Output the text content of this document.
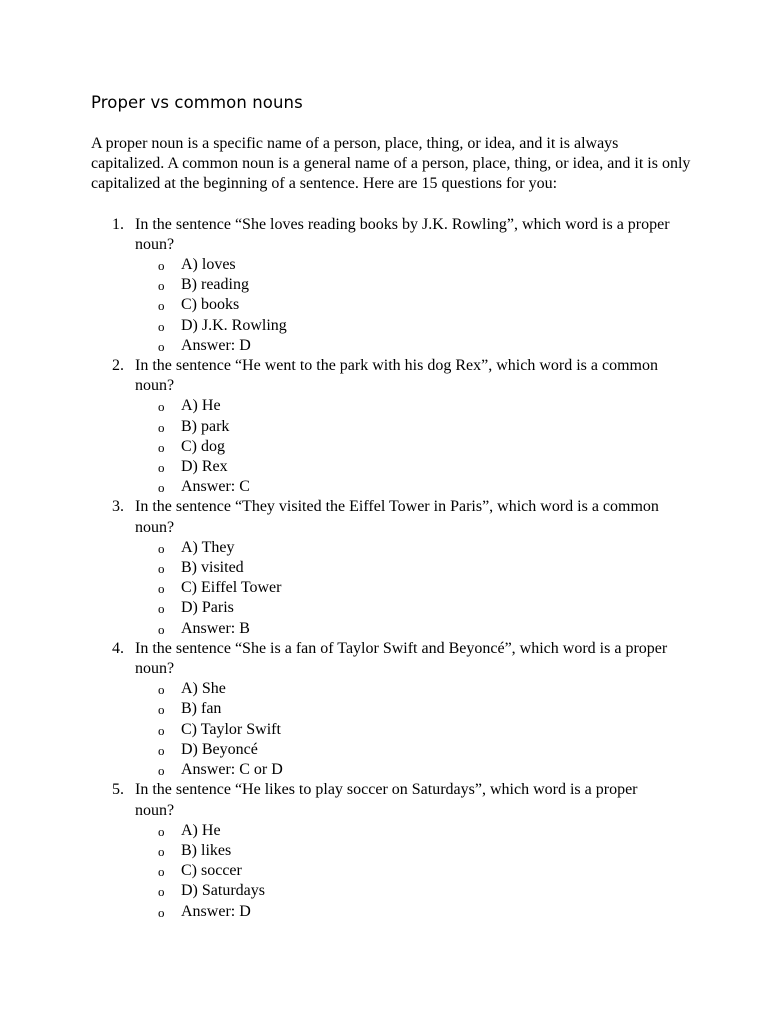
Proper vs common nouns

A proper noun is a specific name of a person, place, thing, or idea, and it is always capitalized. A common noun is a general name of a person, place, thing, or idea, and it is only capitalized at the beginning of a sentence. Here are 15 questions for you:

1. In the sentence “She loves reading books by J.K. Rowling”, which word is a proper noun?
o A) loves
o B) reading
o C) books
o D) J.K. Rowling
o Answer: D
2. In the sentence “He went to the park with his dog Rex”, which word is a common noun?
o A) He
o B) park
o C) dog
o D) Rex
o Answer: C
3. In the sentence “They visited the Eiffel Tower in Paris”, which word is a common noun?
o A) They
o B) visited
o C) Eiffel Tower
o D) Paris
o Answer: B
4. In the sentence “She is a fan of Taylor Swift and Beyoncé”, which word is a proper noun?
o A) She
o B) fan
o C) Taylor Swift
o D) Beyoncé
o Answer: C or D
5. In the sentence “He likes to play soccer on Saturdays”, which word is a proper noun?
o A) He
o B) likes
o C) soccer
o D) Saturdays
o Answer: D
